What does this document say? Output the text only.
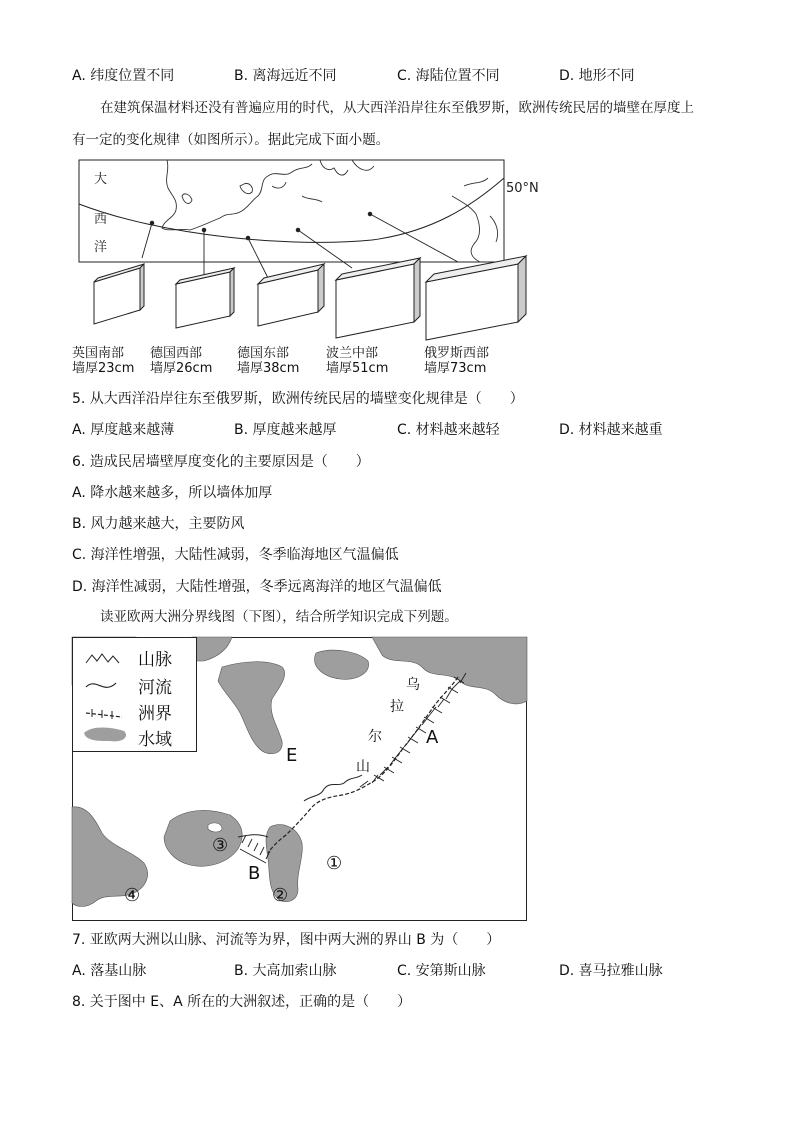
A. 纬度位置不同	B. 离海远近不同	C. 海陆位置不同	D. 地形不同
在建筑保温材料还没有普遍应用的时代，从大西洋沿岸往东至俄罗斯，欧洲传统民居的墙壁在厚度上
有一定的变化规律（如图所示）。据此完成下面小题。
50°N
大
西
洋
英国南部
墙厚23cm
德国西部
墙厚26cm
德国东部
墙厚38cm
波兰中部
墙厚51cm
俄罗斯西部
墙厚73cm
5. 从大西洋沿岸往东至俄罗斯，欧洲传统民居的墙壁变化规律是（　　）
A. 厚度越来越薄	B. 厚度越来越厚	C. 材料越来越轻	D. 材料越来越重
6. 造成民居墙壁厚度变化的主要原因是（　　）
A. 降水越来越多，所以墙体加厚
B. 风力越来越大，主要防风
C. 海洋性增强，大陆性减弱，冬季临海地区气温偏低
D. 海洋性减弱，大陆性增强，冬季远离海洋的地区气温偏低
读亚欧两大洲分界线图（下图），结合所学知识完成下列题。
山脉
河流
洲界
水域
E
A
B
乌
拉
尔
山
①
②
③
④
7. 亚欧两大洲以山脉、河流等为界，图中两大洲的界山 B 为（　　）
A. 落基山脉	B. 大高加索山脉	C. 安第斯山脉	D. 喜马拉雅山脉
8. 关于图中 E、A 所在的大洲叙述，正确的是（　　）
